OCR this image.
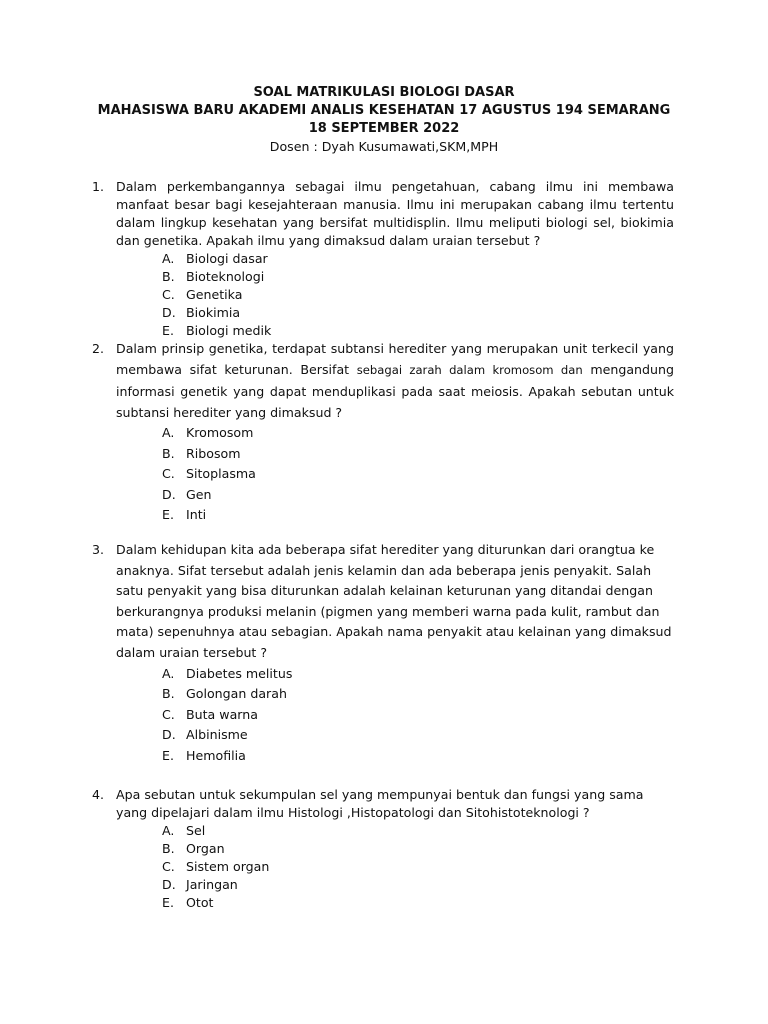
SOAL MATRIKULASI BIOLOGI DASAR
MAHASISWA BARU AKADEMI ANALIS KESEHATAN 17 AGUSTUS 194 SEMARANG
18 SEPTEMBER 2022
Dosen : Dyah Kusumawati,SKM,MPH
1. Dalam perkembangannya sebagai ilmu pengetahuan, cabang ilmu ini membawa manfaat besar bagi kesejahteraan manusia. Ilmu ini merupakan cabang ilmu tertentu dalam lingkup kesehatan yang bersifat multidisplin. Ilmu meliputi biologi sel, biokimia dan genetika. Apakah ilmu yang dimaksud dalam uraian tersebut ?
A. Biologi dasar
B. Bioteknologi
C. Genetika
D. Biokimia
E. Biologi medik
2. Dalam prinsip genetika, terdapat subtansi herediter yang merupakan unit terkecil yang membawa sifat keturunan. Bersifat sebagai zarah dalam kromosom dan mengandung informasi genetik yang dapat menduplikasi pada saat meiosis. Apakah sebutan untuk subtansi herediter yang dimaksud ?
A. Kromosom
B. Ribosom
C. Sitoplasma
D. Gen
E. Inti
3. Dalam kehidupan kita ada beberapa sifat herediter yang diturunkan dari orangtua ke anaknya. Sifat tersebut adalah jenis kelamin dan ada beberapa jenis penyakit. Salah satu penyakit yang bisa diturunkan adalah kelainan keturunan yang ditandai dengan berkurangnya produksi melanin (pigmen yang memberi warna pada kulit, rambut dan mata) sepenuhnya atau sebagian. Apakah nama penyakit atau kelainan yang dimaksud dalam uraian tersebut ?
A. Diabetes melitus
B. Golongan darah
C. Buta warna
D. Albinisme
E. Hemofilia
4. Apa sebutan untuk sekumpulan sel yang mempunyai bentuk dan fungsi yang sama yang dipelajari dalam ilmu Histologi ,Histopatologi dan Sitohistoteknologi ?
A. Sel
B. Organ
C. Sistem organ
D. Jaringan
E. Otot
